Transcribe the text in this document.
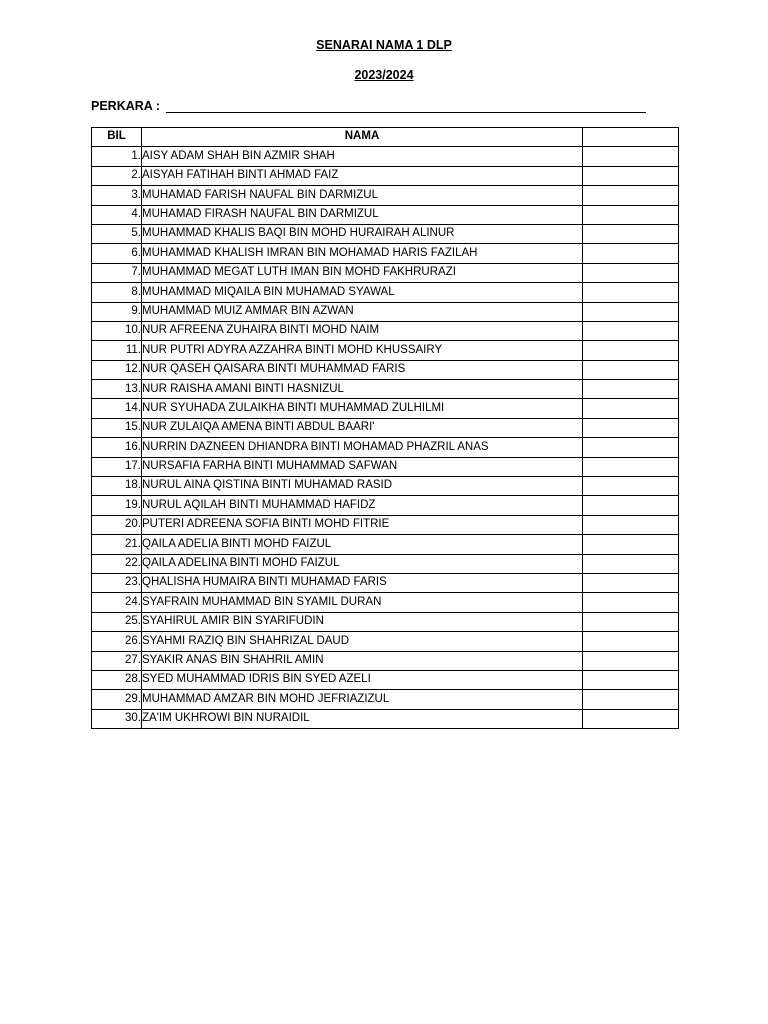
SENARAI NAMA 1 DLP
2023/2024
PERKARA :
BIL	NAMA	
1.	AISY ADAM SHAH BIN AZMIR SHAH	
2.	AISYAH FATIHAH BINTI AHMAD FAIZ	
3.	MUHAMAD FARISH NAUFAL BIN DARMIZUL	
4.	MUHAMAD FIRASH NAUFAL BIN DARMIZUL	
5.	MUHAMMAD KHALIS BAQI BIN MOHD HURAIRAH ALINUR	
6.	MUHAMMAD KHALISH IMRAN BIN MOHAMAD HARIS FAZILAH	
7.	MUHAMMAD MEGAT LUTH IMAN BIN MOHD FAKHRURAZI	
8.	MUHAMMAD MIQAILA BIN MUHAMAD SYAWAL	
9.	MUHAMMAD MUIZ AMMAR BIN AZWAN	
10.	NUR AFREENA ZUHAIRA BINTI MOHD NAIM	
11.	NUR PUTRI ADYRA AZZAHRA BINTI MOHD KHUSSAIRY	
12.	NUR QASEH QAISARA BINTI MUHAMMAD FARIS	
13.	NUR RAISHA AMANI BINTI HASNIZUL	
14.	NUR SYUHADA ZULAIKHA BINTI MUHAMMAD ZULHILMI	
15.	NUR ZULAIQA AMENA BINTI ABDUL BAARI'	
16.	NURRIN DAZNEEN DHIANDRA BINTI MOHAMAD PHAZRIL ANAS	
17.	NURSAFIA FARHA BINTI MUHAMMAD SAFWAN	
18.	NURUL AINA QISTINA BINTI MUHAMAD RASID	
19.	NURUL AQILAH BINTI MUHAMMAD HAFIDZ	
20.	PUTERI ADREENA SOFIA BINTI MOHD FITRIE	
21.	QAILA ADELIA BINTI MOHD FAIZUL	
22.	QAILA ADELINA BINTI MOHD FAIZUL	
23.	QHALISHA HUMAIRA BINTI MUHAMAD FARIS	
24.	SYAFRAIN MUHAMMAD BIN SYAMIL DURAN	
25.	SYAHIRUL AMIR BIN SYARIFUDIN	
26.	SYAHMI RAZIQ BIN SHAHRIZAL DAUD	
27.	SYAKIR ANAS BIN SHAHRIL AMIN	
28.	SYED MUHAMMAD IDRIS BIN SYED AZELI	
29.	MUHAMMAD AMZAR BIN MOHD JEFRIAZIZUL	
30.	ZA'IM UKHROWI BIN NURAIDIL	
